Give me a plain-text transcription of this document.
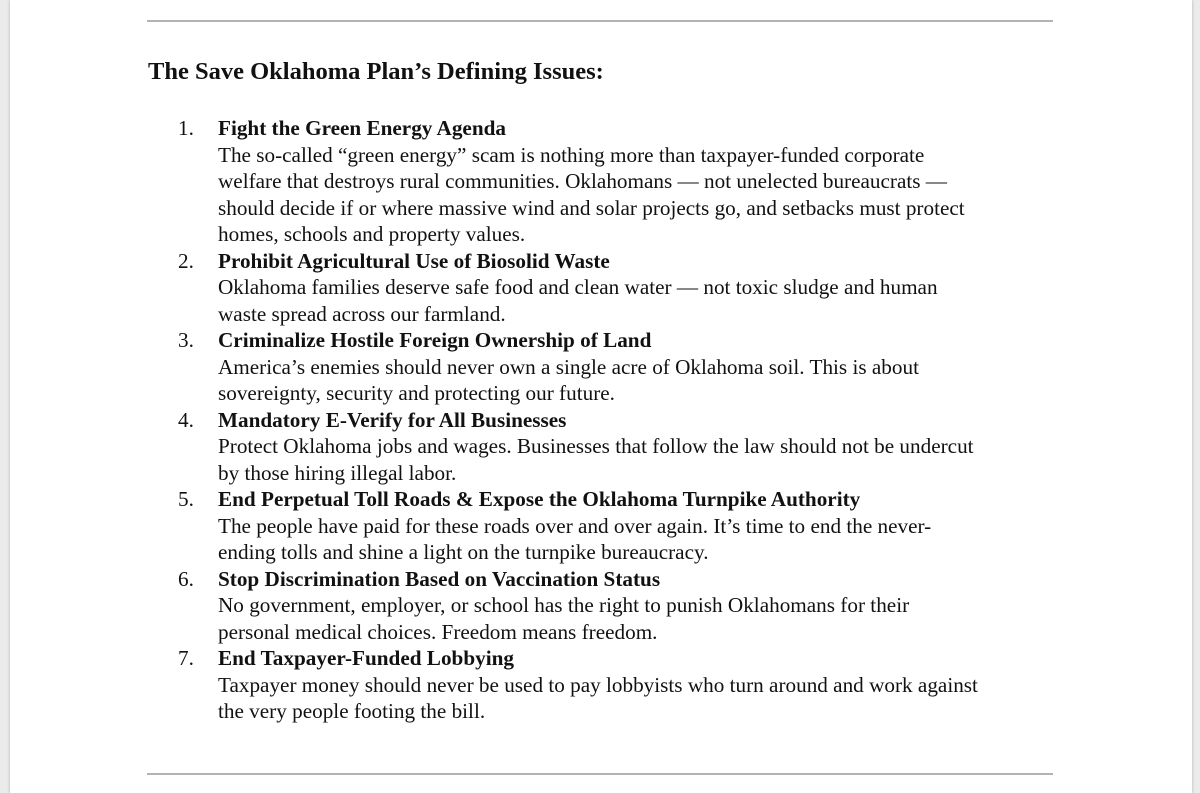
The Save Oklahoma Plan’s Defining Issues:
1.	Fight the Green Energy Agenda
The so-called “green energy” scam is nothing more than taxpayer-funded corporate
welfare that destroys rural communities. Oklahomans — not unelected bureaucrats —
should decide if or where massive wind and solar projects go, and setbacks must protect
homes, schools and property values.
2.	Prohibit Agricultural Use of Biosolid Waste
Oklahoma families deserve safe food and clean water — not toxic sludge and human
waste spread across our farmland.
3.	Criminalize Hostile Foreign Ownership of Land
America’s enemies should never own a single acre of Oklahoma soil. This is about
sovereignty, security and protecting our future.
4.	Mandatory E-Verify for All Businesses
Protect Oklahoma jobs and wages. Businesses that follow the law should not be undercut
by those hiring illegal labor.
5.	End Perpetual Toll Roads & Expose the Oklahoma Turnpike Authority
The people have paid for these roads over and over again. It’s time to end the never-
ending tolls and shine a light on the turnpike bureaucracy.
6.	Stop Discrimination Based on Vaccination Status
No government, employer, or school has the right to punish Oklahomans for their
personal medical choices. Freedom means freedom.
7.	End Taxpayer-Funded Lobbying
Taxpayer money should never be used to pay lobbyists who turn around and work against
the very people footing the bill.
